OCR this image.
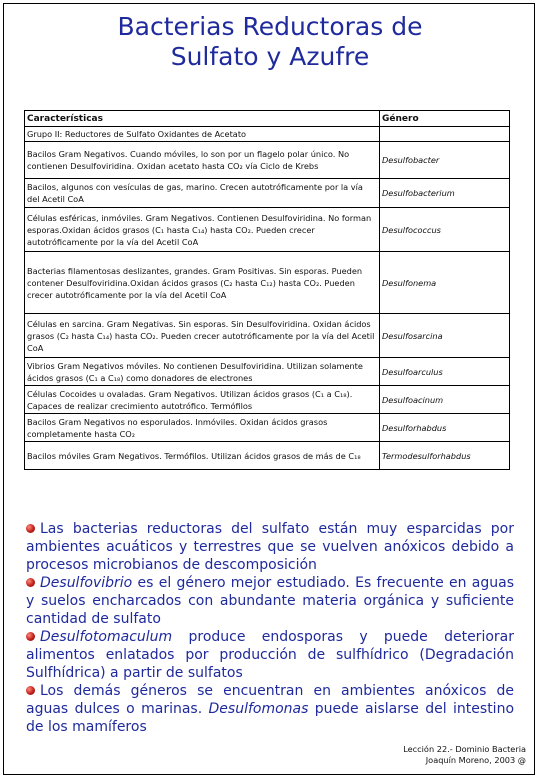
Bacterias Reductoras de
Sulfato y Azufre
Características	Género
Grupo II: Reductores de Sulfato Oxidantes de Acetato	
Bacilos Gram Negativos. Cuando móviles, lo son por un flagelo polar único. No contienen Desulfoviridina. Oxidan acetato hasta CO₂ vía Ciclo de Krebs	Desulfobacter
Bacilos, algunos con vesículas de gas, marino. Crecen autotróficamente por la vía del Acetil CoA	Desulfobacterium
Células esféricas, inmóviles. Gram Negativos. Contienen Desulfoviridina. No forman esporas.Oxidan ácidos grasos (C₁ hasta C₁₄) hasta CO₂. Pueden crecer autotróficamente por la vía del Acetil CoA	Desulfococcus
Bacterias filamentosas deslizantes, grandes. Gram Positivas. Sin esporas. Pueden contener Desulfoviridina.Oxidan ácidos grasos (C₂ hasta C₁₂) hasta CO₂. Pueden crecer autotróficamente por la vía del Acetil CoA	Desulfonema
Células en sarcina. Gram Negativas. Sin esporas. Sin Desulfoviridina. Oxidan ácidos grasos (C₂ hasta C₁₄) hasta CO₂. Pueden crecer autotróficamente por la vía del Acetil CoA	Desulfosarcina
Vibrios Gram Negativos móviles. No contienen Desulfoviridina. Utilizan solamente ácidos grasos (C₁ a C₁₈) como donadores de electrones	Desulfoarculus
Células Cocoides u ovaladas. Gram Negativos. Utilizan ácidos grasos (C₁ a C₁₈). Capaces de realizar crecimiento autotrófico. Termófilos	Desulfoacinum
Bacilos Gram Negativos no esporulados. Inmóviles. Oxidan ácidos grasos completamente hasta CO₂	Desulforhabdus
Bacilos móviles Gram Negativos. Termófilos. Utilizan ácidos grasos de más de C₁₈	Termodesulforhabdus

Las bacterias reductoras del sulfato están muy esparcidas por ambientes acuáticos y terrestres que se vuelven anóxicos debido a procesos microbianos de descomposición

Desulfovibrio es el género mejor estudiado. Es frecuente en aguas y suelos encharcados con abundante materia orgánica y suficiente cantidad de sulfato

Desulfotomaculum produce endosporas y puede deteriorar alimentos enlatados por producción de sulfhídrico (Degradación Sulfhídrica) a partir de sulfatos

Los demás géneros se encuentran en ambientes anóxicos de aguas dulces o marinas. Desulfomonas puede aislarse del intestino de los mamíferos

Lección 22.- Dominio Bacteria
Joaquín Moreno, 2003 @
